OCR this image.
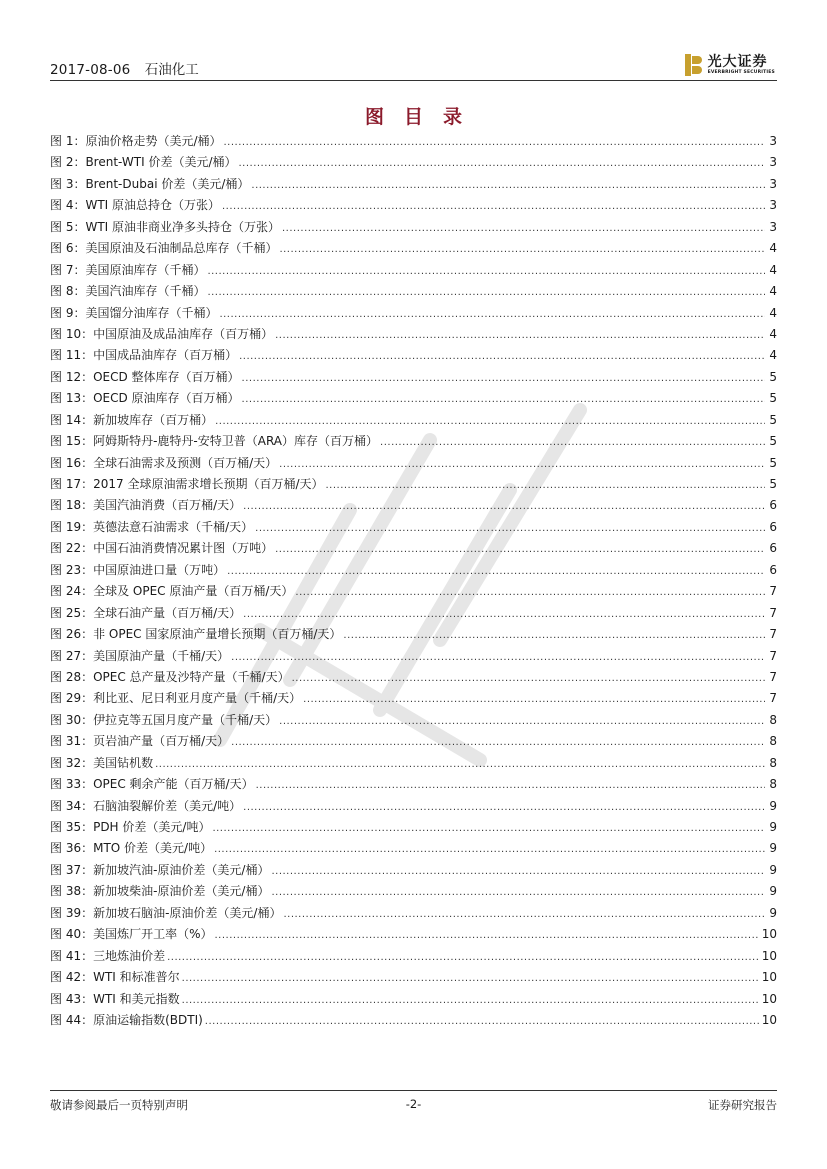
2017-08-06 石油化工
光大证券
EVERBRIGHT SECURITIES
图目录
图 1：原油价格走势（美元/桶） .....	3
图 2：Brent-WTI 价差（美元/桶） .....	3
图 3：Brent-Dubai 价差（美元/桶） .....	3
图 4：WTI 原油总持仓（万张） .....	3
图 5：WTI 原油非商业净多头持仓（万张） .....	3
图 6：美国原油及石油制品总库存（千桶） .....	4
图 7：美国原油库存（千桶） .....	4
图 8：美国汽油库存（千桶） .....	4
图 9：美国馏分油库存（千桶） .....	4
图 10：中国原油及成品油库存（百万桶） .....	4
图 11：中国成品油库存（百万桶） .....	4
图 12：OECD 整体库存（百万桶） .....	5
图 13：OECD 原油库存（百万桶） .....	5
图 14：新加坡库存（百万桶） .....	5
图 15：阿姆斯特丹-鹿特丹-安特卫普（ARA）库存（百万桶） .....	5
图 16：全球石油需求及预测（百万桶/天） .....	5
图 17：2017 全球原油需求增长预期（百万桶/天） .....	5
图 18：美国汽油消费（百万桶/天） .....	6
图 19：英德法意石油需求（千桶/天） .....	6
图 22：中国石油消费情况累计图（万吨） .....	6
图 23：中国原油进口量（万吨） .....	6
图 24：全球及 OPEC 原油产量（百万桶/天） .....	7
图 25：全球石油产量（百万桶/天） .....	7
图 26：非 OPEC 国家原油产量增长预期（百万桶/天） .....	7
图 27：美国原油产量（千桶/天） .....	7
图 28：OPEC 总产量及沙特产量（千桶/天） .....	7
图 29：利比亚、尼日利亚月度产量（千桶/天） .....	7
图 30：伊拉克等五国月度产量（千桶/天） .....	8
图 31：页岩油产量（百万桶/天） .....	8
图 32：美国钻机数 .....	8
图 33：OPEC 剩余产能（百万桶/天） .....	8
图 34：石脑油裂解价差（美元/吨） .....	9
图 35：PDH 价差（美元/吨） .....	9
图 36：MTO 价差（美元/吨） .....	9
图 37：新加坡汽油-原油价差（美元/桶） .....	9
图 38：新加坡柴油-原油价差（美元/桶） .....	9
图 39：新加坡石脑油-原油价差（美元/桶） .....	9
图 40：美国炼厂开工率（%） .....	10
图 41：三地炼油价差 .....	10
图 42：WTI 和标准普尔 .....	10
图 43：WTI 和美元指数 .....	10
图 44：原油运输指数(BDTI) .....	10
敬请参阅最后一页特别声明	-2-	证券研究报告
